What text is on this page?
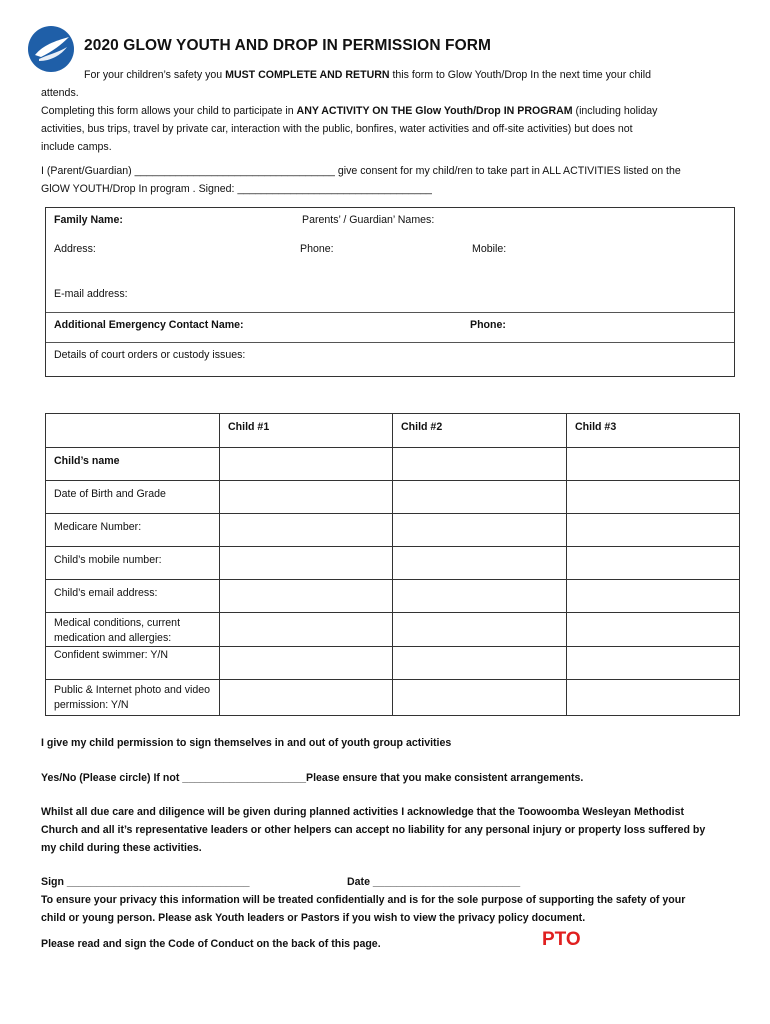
2020 GLOW YOUTH AND DROP IN PERMISSION FORM
For your children’s safety you MUST COMPLETE AND RETURN this form to Glow Youth/Drop In the next time your child
attends.
Completing this form allows your child to participate in ANY ACTIVITY ON THE Glow Youth/Drop IN PROGRAM (including holiday
activities, bus trips, travel by private car, interaction with the public, bonfires, water activities and off-site activities) but does not
include camps.
I (Parent/Guardian) __________________________________ give consent for my child/ren to take part in ALL ACTIVITIES listed on the
GlOW YOUTH/Drop In program . Signed: _________________________________
Family Name:	Parents’ / Guardian’ Names:
Address:	Phone:	Mobile:
E-mail address:
Additional Emergency Contact Name:	Phone:
Details of court orders or custody issues:

	Child #1	Child #2	Child #3

Child’s name			

Date of Birth and Grade			

Medicare Number:			

Child’s mobile number:			

Child’s email address:			

Medical conditions, current medication and allergies:			

Confident swimmer: Y/N			

Public & Internet photo and video permission: Y/N			

I give my child permission to sign themselves in and out of youth group activities
Yes/No (Please circle) If not _____________________Please ensure that you make consistent arrangements.
Whilst all due care and diligence will be given during planned activities I acknowledge that the Toowoomba Wesleyan Methodist
Church and all it’s representative leaders or other helpers can accept no liability for any personal injury or property loss suffered by
my child during these activities.
Sign _______________________________	Date _________________________
To ensure your privacy this information will be treated confidentially and is for the sole purpose of supporting the safety of your
child or young person. Please ask Youth leaders or Pastors if you wish to view the privacy policy document.
Please read and sign the Code of Conduct on the back of this page.	PTO
